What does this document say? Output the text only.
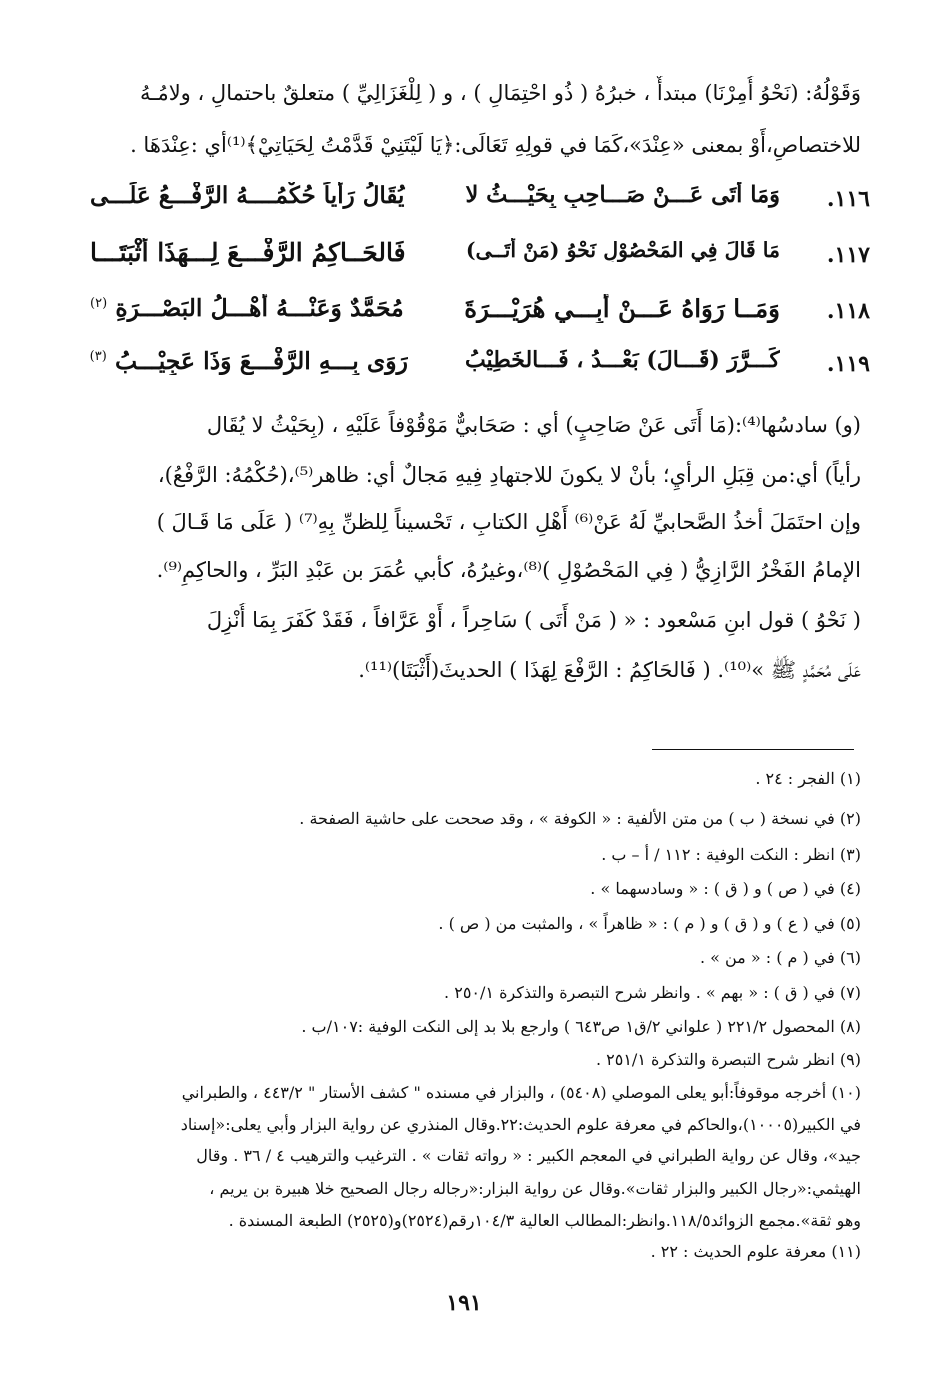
وَقَوْلُهُ: (نَحْوُ أُمِرْنَا) مبتدأٌ ، خبرُهُ ( ذُو احْتِمَالِ ) ، و ( لِلْغَزَالِيِّ ) متعلقٌ باحتمالِ ، ولامُـهُ
للاختصاصِ،أَوْ بمعنى «عِنْدَ»،كَمَا في قولِهِ تَعَالَى:﴿يَا لَيْتَنِيْ قَدَّمْتُ لِحَيَاتِيْ﴾⁽¹⁾أي :عِنْدَهَا .
١١٦.
وَمَا أَتَى عَـــنْ صَـــاحِبٍ بِحَيْـــثُ لا
يُقَالُ رَأياً حُكْمُــــهُ الرَّفْـــعُ عَلَـــى
١١٧.
مَا قَالَ فِي المَحْصُوْلِ نَحْوُ (مَنْ أَتَــى)
فَالحَــاكِمُ الرَّفْـــعَ لِـــهَذَا أَثْبَتَـــا
١١٨.
وَمَــا رَوَاهُ عَـــنْ أَبِـــي هُرَيْـــرَةَ
مُحَمَّدٌ وَعَنْـــهُ أَهْـــلُ البَصْـــرَةِ $^{(٢)}$
١١٩.
كَـــرَّرَ (قَـــالَ) بَعْـــدُ ، فَـــالخَطِيْبُ
رَوَى بِـــهِ الرَّفْـــعَ وَذَا عَجِيْـــبُ $^{(٣)}$
(و) سادسُها⁽⁴⁾:(مَا أَتَى عَنْ صَاحِبٍ) أي : صَحَابيٌّ مَوْقُوْفاً عَلَيْهِ ، (بِحَيْثُ لا يُقَال
رأياً) أي:من قِبَلِ الرأيِ؛ بأنْ لا يكونَ للاجتهادِ فِيهِ مَجالٌ أي: ظاهر⁽⁵⁾،(حُكْمُهُ: الرَّفْعُ)،
وإن احتَمَلَ أخذُ الصَّحابيِّ لَهُ عَنْ⁽⁶⁾ أَهْلِ الكتابِ ، تَحْسيناً لِلظنِّ بِهِ⁽⁷⁾ ( عَلَى مَا قَـالَ )
الإمامُ الفَخْرُ الرَّازِيُّ ( فِي المَحْصُوْلِ )⁽⁸⁾،وغيرُهُ، كأبي عُمَرَ بن عَبْدِ البَرِّ ، والحاكِمِ⁽⁹⁾.
( نَحْوُ ) قول ابنِ مَسْعود : « ( مَنْ أَتَى ) سَاحِراً ، أَوْ عَرَّافاً ، فَقَدْ كَفَرَ بِمَا أُنْزِلَ
عَلَى مُحَمَّدٍ ﷺ »⁽¹⁰⁾. ( فَالحَاكِمُ : الرَّفْعَ لِهَذَا ) الحديثَ(أَثْبَتَا)⁽¹¹⁾.
(١) الفجر : ٢٤ .
(٢) في نسخة ( ب ) من متن الألفية : « الكوفة » ، وقد صححت على حاشية الصفحة .
(٣) انظر : النكت الوفية : ١١٢ / أ – ب .
(٤) في ( ص ) و ( ق ) : « وسادسهما » .
(٥) في ( ع ) و ( ق ) و ( م ) : « ظاهراً » ، والمثبت من ( ص ) .
(٦) في ( م ) : « من » .
(٧) في ( ق ) : « بهم » . وانظر شرح التبصرة والتذكرة ٢٥٠/١ .
(٨) المحصول ٢٢١/٢ ( علواني ٢/ق١ ص٦٤٣ ) وارجع بلا بد إلى النكت الوفية :١٠٧/ب .
(٩) انظر شرح التبصرة والتذكرة ٢٥١/١ .
(١٠) أخرجه موقوفاً:أبو يعلى الموصلي (٥٤٠٨) ، والبزار في مسنده " كشف الأستار " ٤٤٣/٢ ، والطبراني
في الكبير(١٠٠٠٥)،والحاكم في معرفة علوم الحديث:٢٢.وقال المنذري عن رواية البزار وأبي يعلى:«إسناد
جيد»، وقال عن رواية الطبراني في المعجم الكبير : « رواته ثقات » . الترغيب والترهيب ٤ / ٣٦ . وقال
الهيثمي:«رجال الكبير والبزار ثقات».وقال عن رواية البزار:«رجاله رجال الصحيح خلا هبيرة بن يريم ،
وهو ثقة».مجمع الزوائد١١٨/٥.وانظر:المطالب العالية ١٠٤/٣رقم(٢٥٢٤)و(٢٥٢٥) الطبعة المسندة .
(١١) معرفة علوم الحديث : ٢٢ .
١٩١
